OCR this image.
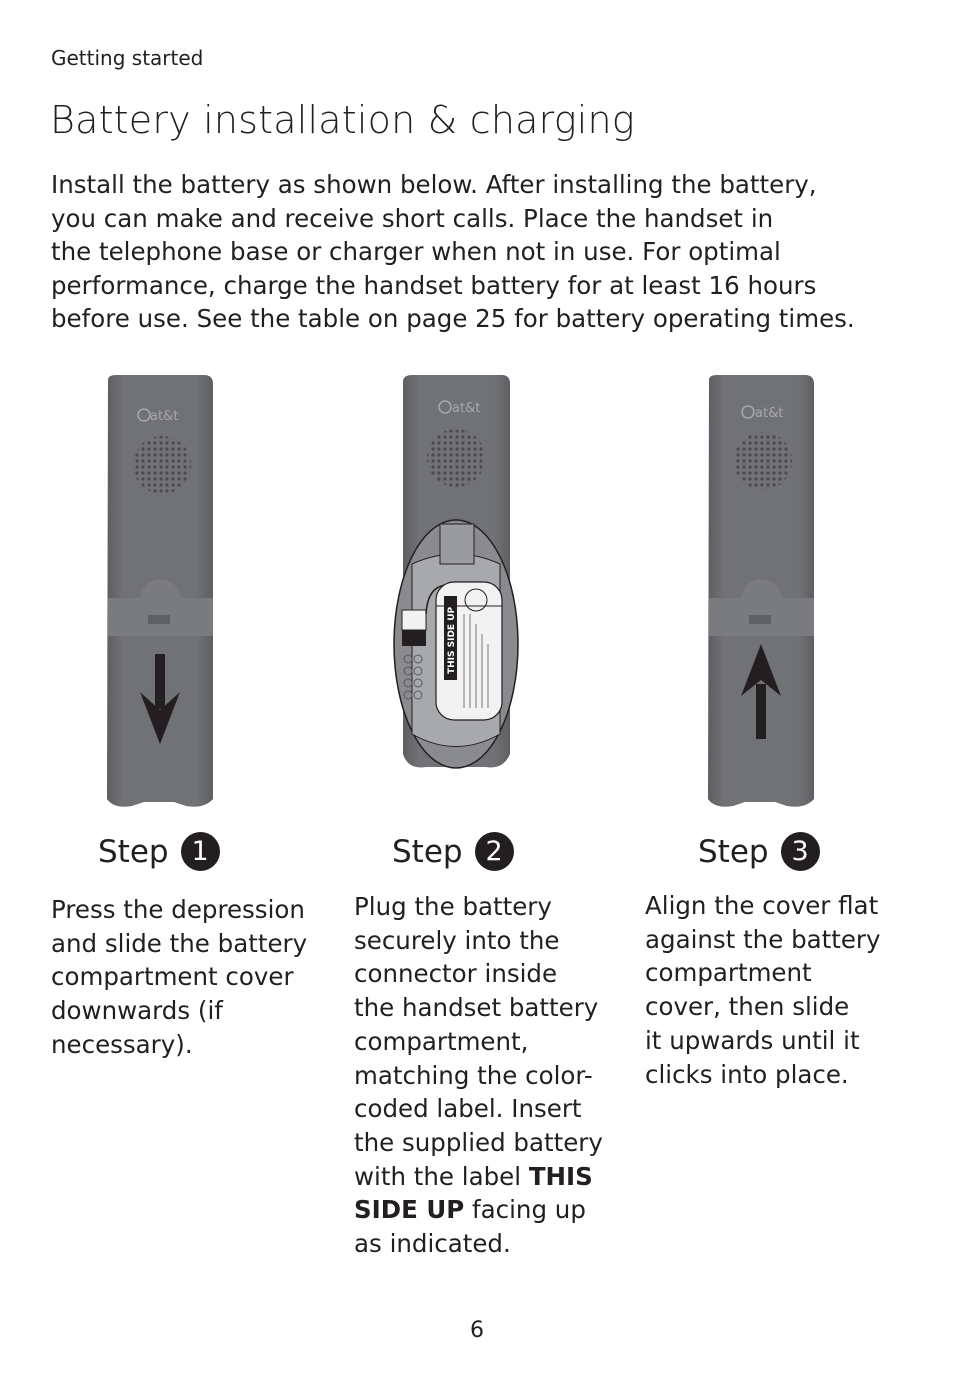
Getting started
Battery installation & charging
Install the battery as shown below. After installing the battery,
you can make and receive short calls. Place the handset in
the telephone base or charger when not in use. For optimal
performance, charge the handset battery for at least 16 hours
before use. See the table on page 25 for battery operating times.
at&t
at&t
THIS SIDE UP
at&t
Step 1	Step 2	Step 3
Press the depression
and slide the battery
compartment cover
downwards (if
necessary).
Plug the battery
securely into the
connector inside
the handset battery
compartment,
matching the color-
coded label. Insert
the supplied battery
with the label THIS
SIDE UP facing up
as indicated.
Align the cover flat
against the battery
compartment
cover, then slide
it upwards until it
clicks into place.
6
